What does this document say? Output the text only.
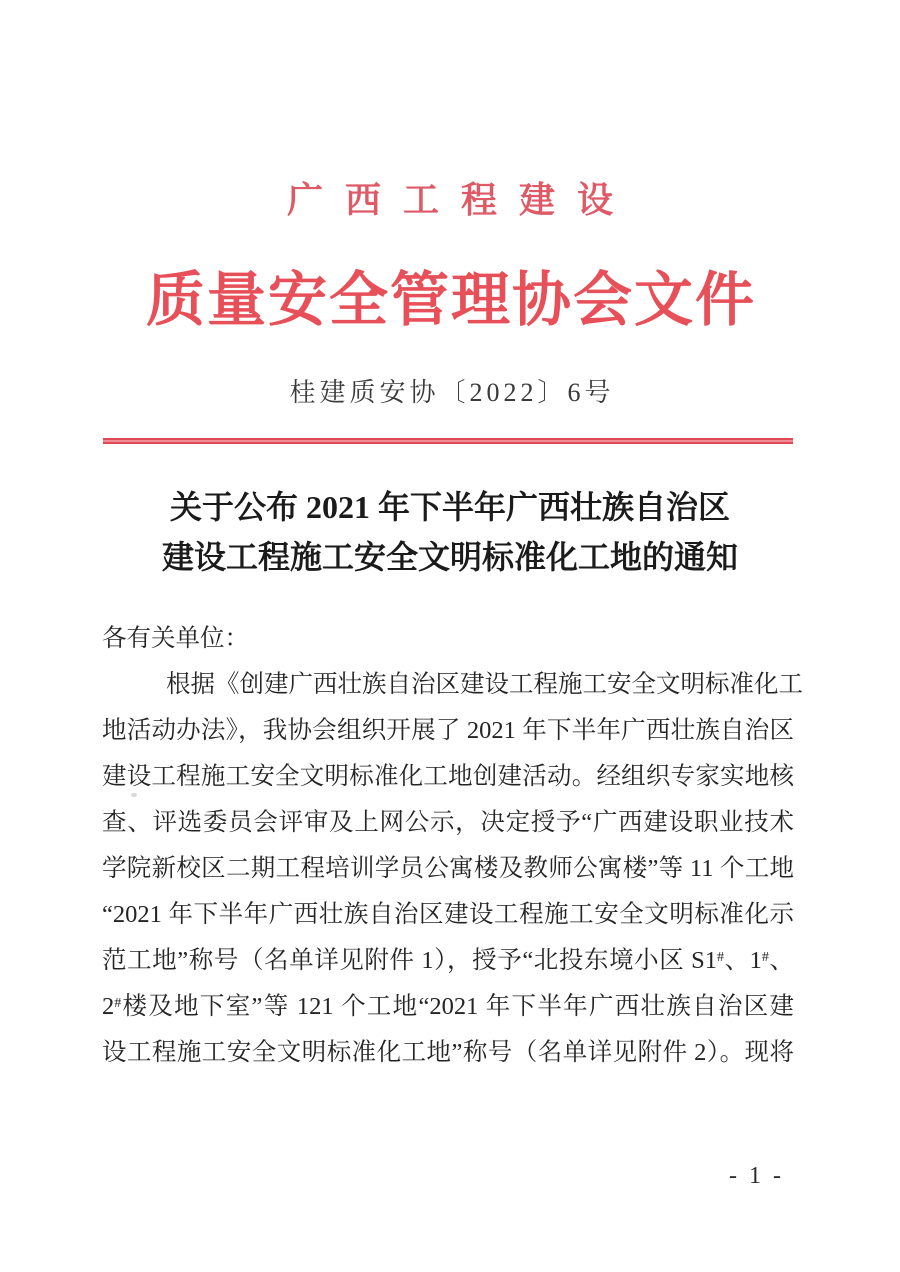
广西工程建设
质量安全管理协会文件
桂建质安协〔2022〕6号
关于公布 2021 年下半年广西壮族自治区
建设工程施工安全文明标准化工地的通知
各有关单位：
根据《创建广西壮族自治区建设工程施工安全文明标准化工
地活动办法》，我协会组织开展了 2021 年下半年广西壮族自治区
建设工程施工安全文明标准化工地创建活动。经组织专家实地核
查、评选委员会评审及上网公示，决定授予“广西建设职业技术
学院新校区二期工程培训学员公寓楼及教师公寓楼”等 11 个工地
“2021 年下半年广西壮族自治区建设工程施工安全文明标准化示
范工地”称号（名单详见附件 1），授予“北投东境小区 S1#、1#、
2#楼及地下室”等 121 个工地“2021 年下半年广西壮族自治区建
设工程施工安全文明标准化工地”称号（名单详见附件 2）。现将
- 1 -
